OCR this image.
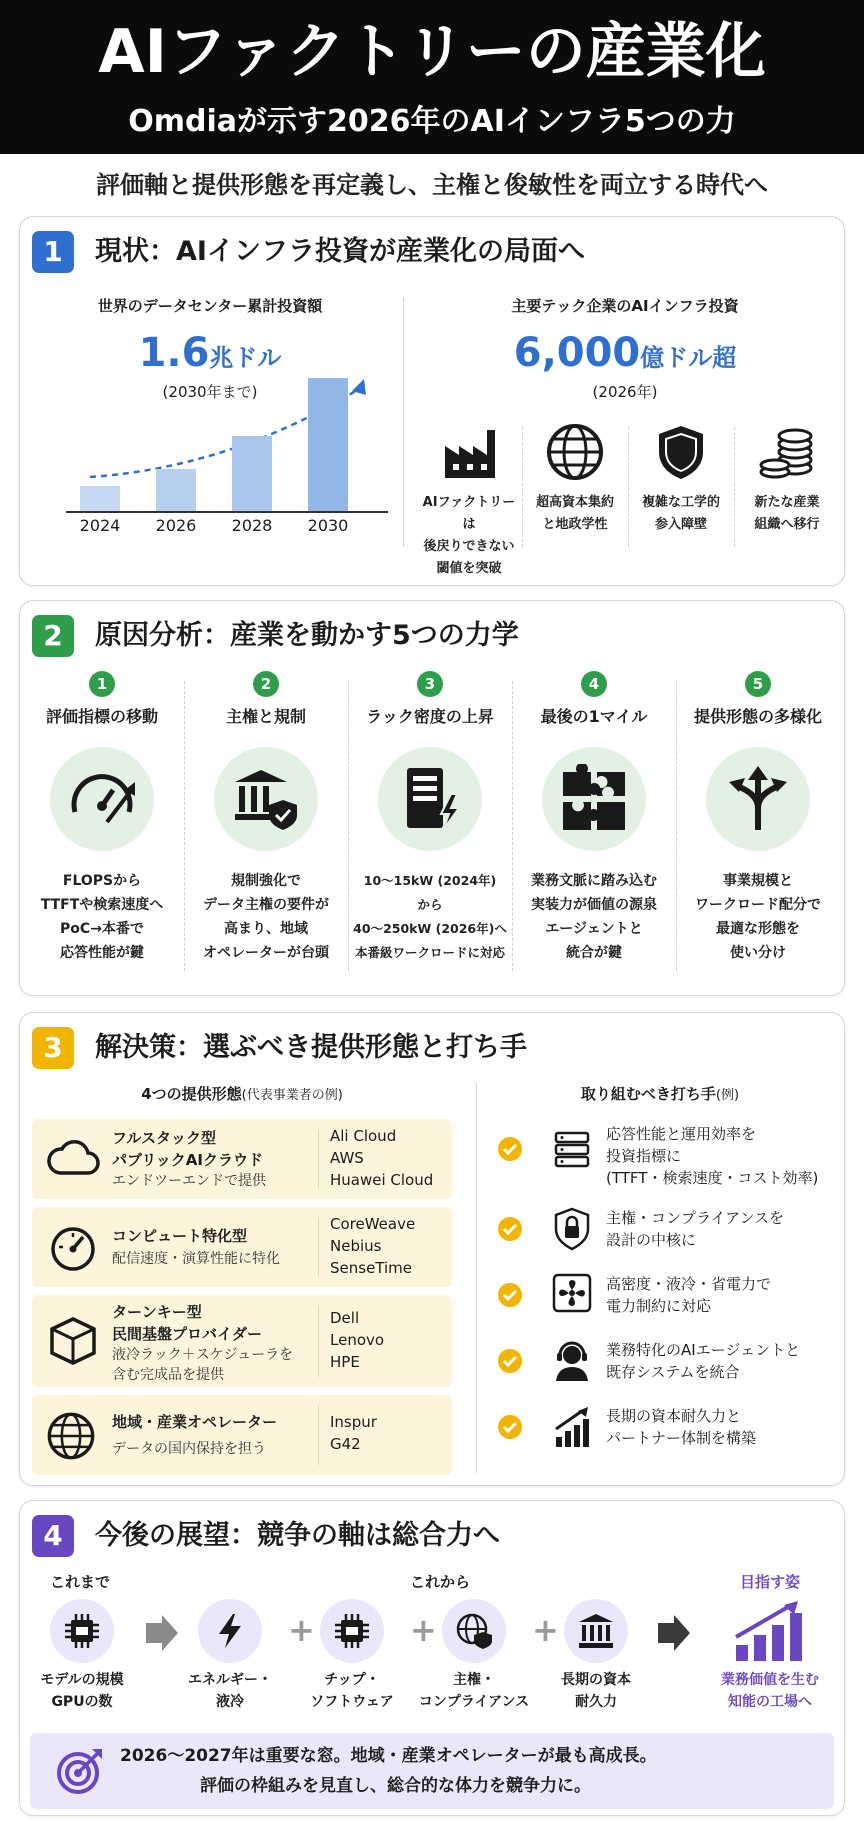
AIファクトリーの産業化
Omdiaが示す2026年のAIインフラ5つの力
評価軸と提供形態を再定義し、主権と俊敏性を両立する時代へ
1	現状：AIインフラ投資が産業化の局面へ
世界のデータセンター累計投資額
1.6兆ドル
(2030年まで)
2024	2026	2028	2030
主要テック企業のAIインフラ投資
6,000億ドル超
(2026年)
AIファクトリーは
後戻りできない
閾値を突破
超高資本集約
と地政学性
複雑な工学的
参入障壁
新たな産業
組織へ移行
2	原因分析：産業を動かす5つの力学
1
評価指標の移動
FLOPSから
TTFTや検索速度へ
PoC→本番で
応答性能が鍵
2
主権と規制
規制強化で
データ主権の要件が
高まり、地域
オペレーターが台頭
3
ラック密度の上昇
10〜15kW (2024年)
から
40〜250kW (2026年)へ
本番級ワークロードに対応
4
最後の1マイル
業務文脈に踏み込む
実装力が価値の源泉
エージェントと
統合が鍵
5
提供形態の多様化
事業規模と
ワークロード配分で
最適な形態を
使い分け
3	解決策：選ぶべき提供形態と打ち手
4つの提供形態(代表事業者の例)
フルスタック型
パブリックAIクラウド
エンドツーエンドで提供
Ali Cloud
AWS
Huawei Cloud
コンピュート特化型
配信速度・演算性能に特化
CoreWeave
Nebius
SenseTime
ターンキー型
民間基盤プロバイダー
液冷ラック＋スケジューラを
含む完成品を提供
Dell
Lenovo
HPE
地域・産業オペレーター
データの国内保持を担う
Inspur
G42
取り組むべき打ち手(例)
応答性能と運用効率を
投資指標に
(TTFT・検索速度・コスト効率)
主権・コンプライアンスを
設計の中核に
高密度・液冷・省電力で
電力制約に対応
業務特化のAIエージェントと
既存システムを統合
長期の資本耐久力と
パートナー体制を構築
4	今後の展望：競争の軸は総合力へ
これまで	これから	目指す姿
モデルの規模
GPUの数
エネルギー・
液冷
+
チップ・
ソフトウェア
+
主権・
コンプライアンス
+
長期の資本
耐久力
業務価値を生む
知能の工場へ
2026〜2027年は重要な窓。地域・産業オペレーターが最も高成長。
評価の枠組みを見直し、総合的な体力を競争力に。
